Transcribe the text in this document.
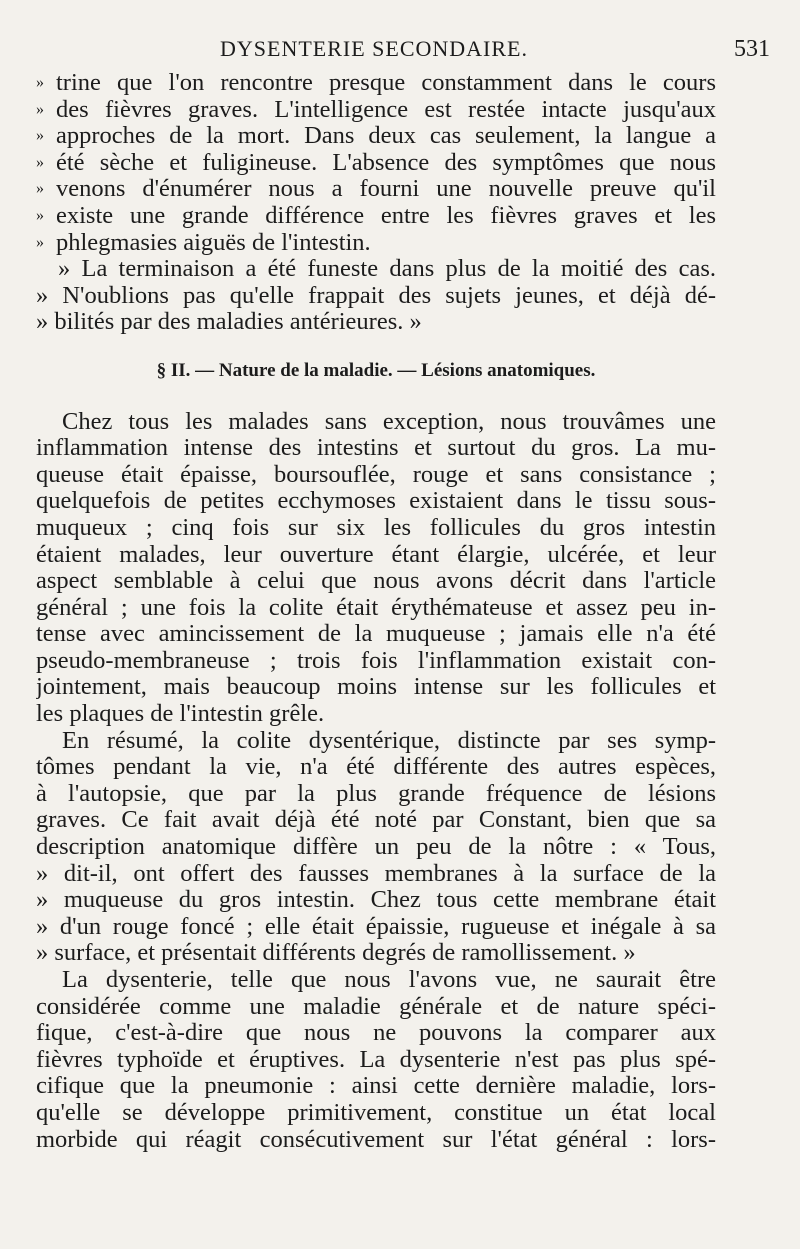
DYSENTERIE SECONDAIRE.	531
» trine que l'on rencontre presque constamment dans le cours
» des fièvres graves. L'intelligence est restée intacte jusqu'aux
» approches de la mort. Dans deux cas seulement, la langue a
» été sèche et fuligineuse. L'absence des symptômes que nous
» venons d'énumérer nous a fourni une nouvelle preuve qu'il
» existe une grande différence entre les fièvres graves et les
» phlegmasies aiguës de l'intestin.
» La terminaison a été funeste dans plus de la moitié des cas.
» N'oublions pas qu'elle frappait des sujets jeunes, et déjà dé-
» bilités par des maladies antérieures. »
§ II. — Nature de la maladie. — Lésions anatomiques.
Chez tous les malades sans exception, nous trouvâmes une
inflammation intense des intestins et surtout du gros. La mu-
queuse était épaisse, boursouflée, rouge et sans consistance ;
quelquefois de petites ecchymoses existaient dans le tissu sous-
muqueux ; cinq fois sur six les follicules du gros intestin
étaient malades, leur ouverture étant élargie, ulcérée, et leur
aspect semblable à celui que nous avons décrit dans l'article
général ; une fois la colite était érythémateuse et assez peu in-
tense avec amincissement de la muqueuse ; jamais elle n'a été
pseudo-membraneuse ; trois fois l'inflammation existait con-
jointement, mais beaucoup moins intense sur les follicules et
les plaques de l'intestin grêle.
En résumé, la colite dysentérique, distincte par ses symp-
tômes pendant la vie, n'a été différente des autres espèces,
à l'autopsie, que par la plus grande fréquence de lésions
graves. Ce fait avait déjà été noté par Constant, bien que sa
description anatomique diffère un peu de la nôtre : « Tous,
» dit-il, ont offert des fausses membranes à la surface de la
» muqueuse du gros intestin. Chez tous cette membrane était
» d'un rouge foncé ; elle était épaissie, rugueuse et inégale à sa
» surface, et présentait différents degrés de ramollissement. »
La dysenterie, telle que nous l'avons vue, ne saurait être
considérée comme une maladie générale et de nature spéci-
fique, c'est-à-dire que nous ne pouvons la comparer aux
fièvres typhoïde et éruptives. La dysenterie n'est pas plus spé-
cifique que la pneumonie : ainsi cette dernière maladie, lors-
qu'elle se développe primitivement, constitue un état local
morbide qui réagit consécutivement sur l'état général : lors-
